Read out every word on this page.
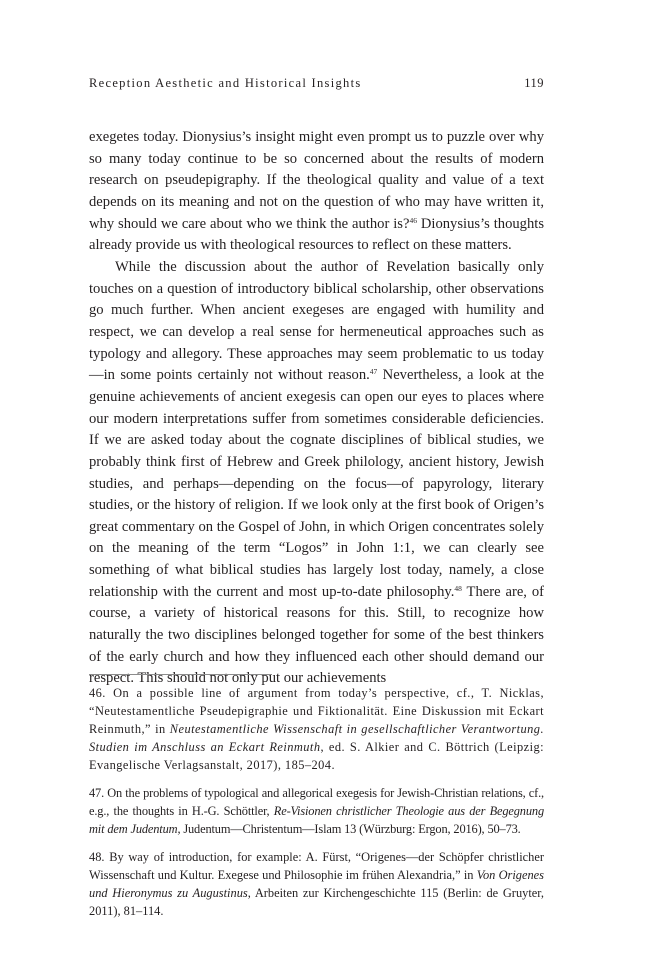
Reception Aesthetic and Historical Insights	119

exegetes today. Dionysius’s insight might even prompt us to puzzle over why so many today continue to be so concerned about the results of modern research on pseudepigraphy. If the theological quality and value of a text depends on its meaning and not on the question of who may have written it, why should we care about who we think the author is?$^{46}$ Dionysius’s thoughts already provide us with theological resources to reflect on these matters.

While the discussion about the author of Revelation basically only touches on a question of introductory biblical scholarship, other observations go much further. When ancient exegeses are engaged with humility and respect, we can develop a real sense for hermeneutical approaches such as typology and allegory. These approaches may seem problematic to us today—in some points certainly not without reason.$^{47}$ Nevertheless, a look at the genuine achievements of ancient exegesis can open our eyes to places where our modern interpretations suffer from sometimes considerable deficiencies. If we are asked today about the cognate disciplines of biblical studies, we probably think first of Hebrew and Greek philology, ancient history, Jewish studies, and perhaps—depending on the focus—of papyrology, literary studies, or the history of religion. If we look only at the first book of Origen’s great commentary on the Gospel of John, in which Origen concentrates solely on the meaning of the term “Logos” in John 1:1, we can clearly see something of what biblical studies has largely lost today, namely, a close relationship with the current and most up-to-date philosophy.$^{48}$ There are, of course, a variety of historical reasons for this. Still, to recognize how naturally the two disciplines belonged together for some of the best thinkers of the early church and how they influenced each other should demand our respect. This should not only put our achievements

46. On a possible line of argument from today’s perspective, cf., T. Nicklas, “Neutestamentliche Pseudepigraphie und Fiktionalität. Eine Diskussion mit Eckart Reinmuth,” in Neutestamentliche Wissenschaft in gesellschaftlicher Verantwortung. Studien im Anschluss an Eckart Reinmuth, ed. S. Alkier and C. Böttrich (Leipzig: Evangelische Verlagsanstalt, 2017), 185–204.

47. On the problems of typological and allegorical exegesis for Jewish-Christian relations, cf., e.g., the thoughts in H.-G. Schöttler, Re-Visionen christlicher Theologie aus der Begegnung mit dem Judentum, Judentum—Christentum—Islam 13 (Würzburg: Ergon, 2016), 50–73.

48. By way of introduction, for example: A. Fürst, “Origenes—der Schöpfer christlicher Wissenschaft und Kultur. Exegese und Philosophie im frühen Alexandria,” in Von Origenes und Hieronymus zu Augustinus, Arbeiten zur Kirchengeschichte 115 (Berlin: de Gruyter, 2011), 81–114.
